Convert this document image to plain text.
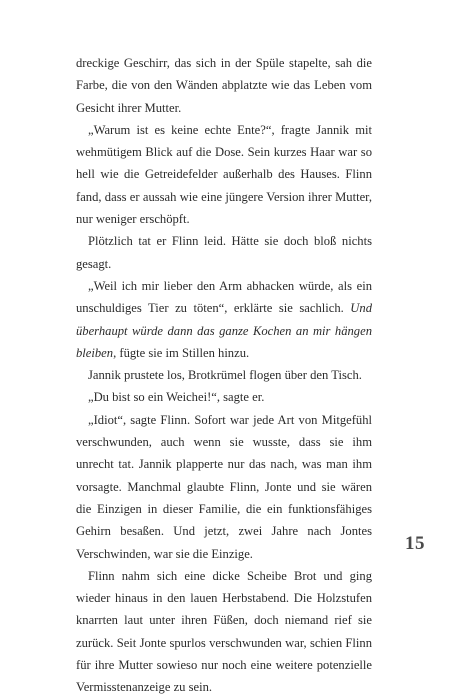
dreckige Geschirr, das sich in der Spüle stapelte, sah die Farbe, die von den Wänden abplatzte wie das Leben vom Gesicht ihrer Mutter.

„Warum ist es keine echte Ente?“, fragte Jannik mit wehmütigem Blick auf die Dose. Sein kurzes Haar war so hell wie die Getreidefelder außerhalb des Hauses. Flinn fand, dass er aussah wie eine jüngere Version ihrer Mutter, nur weniger erschöpft.

Plötzlich tat er Flinn leid. Hätte sie doch bloß nichts gesagt.

„Weil ich mir lieber den Arm abhacken würde, als ein unschuldiges Tier zu töten“, erklärte sie sachlich. Und überhaupt würde dann das ganze Kochen an mir hängen bleiben, fügte sie im Stillen hinzu.

Jannik prustete los, Brotkrümel flogen über den Tisch.

„Du bist so ein Weichei!“, sagte er.

„Idiot“, sagte Flinn. Sofort war jede Art von Mitgefühl verschwunden, auch wenn sie wusste, dass sie ihm unrecht tat. Jannik plapperte nur das nach, was man ihm vorsagte. Manchmal glaubte Flinn, Jonte und sie wären die Einzigen in dieser Familie, die ein funktionsfähiges Gehirn besaßen. Und jetzt, zwei Jahre nach Jontes Verschwinden, war sie die Einzige.

Flinn nahm sich eine dicke Scheibe Brot und ging wieder hinaus in den lauen Herbstabend. Die Holzstufen knarrten laut unter ihren Füßen, doch niemand rief sie zurück. Seit Jonte spurlos verschwunden war, schien Flinn für ihre Mutter sowieso nur noch eine weitere potenzielle Vermisstenanzeige zu sein.

15
